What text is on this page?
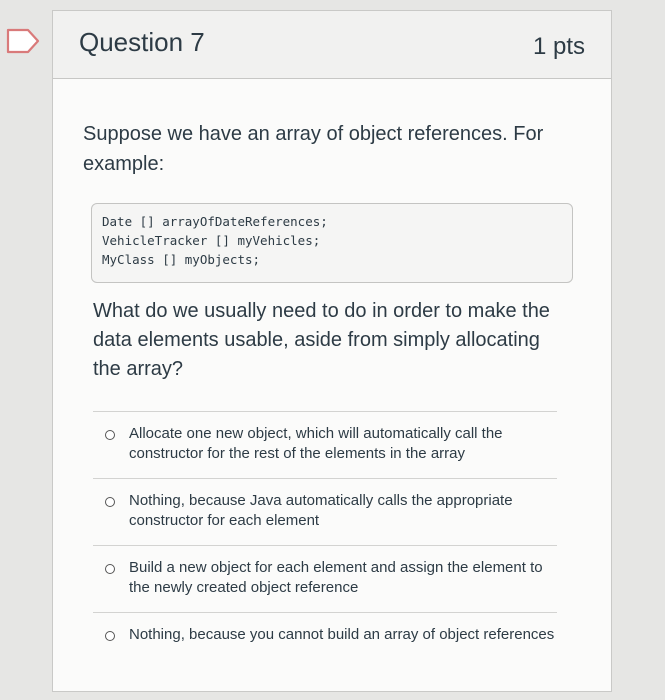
Question 7	1 pts

Suppose we have an array of object references. For example:

Date [] arrayOfDateReferences;
VehicleTracker [] myVehicles;
MyClass [] myObjects;

What do we usually need to do in order to make the data elements usable, aside from simply allocating the array?

Allocate one new object, which will automatically call the constructor for the rest of the elements in the array
Nothing, because Java automatically calls the appropriate constructor for each element
Build a new object for each element and assign the element to the newly created object reference
Nothing, because you cannot build an array of object references
